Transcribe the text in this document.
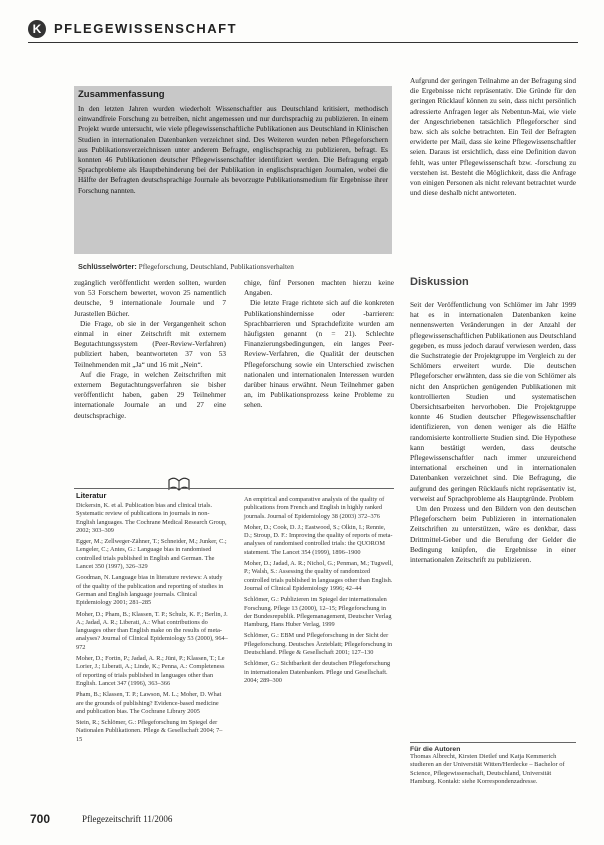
K PFLEGEWISSENSCHAFT
Zusammenfassung
In den letzten Jahren wurden wiederholt Wissenschaftler aus Deutschland kritisiert, methodisch einwandfreie Forschung zu betreiben, nicht angemessen und nur durchsprachig zu publizieren. In einem Projekt wurde untersucht, wie viele pflegewissenschaftliche Publikationen aus Deutschland in Klinischen Studien in internationalen Datenbanken verzeichnet sind. Des Weiteren wurden neben Pflegeforschern aus Publikationsverzeichnissen unter anderem Befragte, englischsprachig zu publizieren, befragt. Es konnten 46 Publikationen deutscher Pflegewissenschaftler identifiziert werden. Die Befragung ergab Sprachprobleme als Hauptbehinderung bei der Publikation in englischsprachigen Journalen, wobei die Hälfte der Befragten deutschsprachige Journale als bevorzugte Publikationsmedium für Ergebnisse ihrer Forschung nannten.
Schlüsselwörter: Pflegeforschung, Deutschland, Publikationsverhalten

zugänglich veröffentlicht werden sollten, wurden von 53 Forschern bewertet, wovon 25 namentlich deutsche, 9 internationale Journale und 7 Jurastellen Bücher.

Die Frage, ob sie in der Vergangenheit schon einmal in einer Zeitschrift mit externem Begutachtungssystem (Peer-Review-Verfahren) publiziert haben, beantworteten 37 von 53 Teilnehmenden mit „Ja“ und 16 mit „Nein“.

Auf die Frage, in welchen Zeitschriften mit externem Begutachtungsverfahren sie bisher veröffentlicht haben, gaben 29 Teilnehmer internationale Journale an und 27 eine deutschsprachige.

chige, fünf Personen machten hierzu keine Angaben.

Die letzte Frage richtete sich auf die konkreten Publikationshindernisse oder -barrieren: Sprachbarrieren und Sprachdefizite wurden am häufigsten genannt (n = 21). Schlechte Finanzierungsbedingungen, ein langes Peer-Review-Verfahren, die Qualität der deutschen Pflegeforschung sowie ein Unterschied zwischen nationalen und internationalen Interessen wurden darüber hinaus erwähnt. Neun Teilnehmer gaben an, im Publikationsprozess keine Probleme zu sehen.

Aufgrund der geringen Teilnahme an der Befragung sind die Ergebnisse nicht repräsentativ. Die Gründe für den geringen Rücklauf können zu sein, dass nicht persönlich adressierte Anfragen leger als Nebentun-Mai, wie viele der Angeschriebenen tatsächlich Pflegeforscher sind bzw. sich als solche betrachten. Ein Teil der Befragten erwiderte per Mail, dass sie keine Pflegewissenschaftler seien. Daraus ist ersichtlich, dass eine Definition davon fehlt, was unter Pflegewissenschaft bzw. -forschung zu verstehen ist. Besteht die Möglichkeit, dass die Anfrage von einigen Personen als nicht relevant betrachtet wurde und diese deshalb nicht antworteten.

Diskussion

Seit der Veröffentlichung von Schlömer im Jahr 1999 hat es in internationalen Datenbanken keine nennenswerten Veränderungen in der Anzahl der pflegewissenschaftlichen Publikationen aus Deutschland gegeben, es muss jedoch darauf verwiesen werden, dass die Suchstrategie der Projektgruppe im Vergleich zu der Schlömers erweitert wurde. Die deutschen Pflegeforscher erwähnten, dass sie die von Schlömer als nicht den Ansprüchen genügenden Publikationen mit kontrollierten Studien und systematischen Übersichtsarbeiten hervorhoben. Die Projektgruppe konnte 46 Studien deutscher Pflegewissenschaftler identifizieren, von denen weniger als die Hälfte randomisierte kontrollierte Studien sind. Die Hypothese kann bestätigt werden, dass deutsche Pflegewissenschaftler nach immer unzureichend international erscheinen und in internationalen Datenbanken verzeichnet sind. Die Befragung, die aufgrund des geringen Rücklaufs nicht repräsentativ ist, verweist auf Sprachprobleme als Hauptgründe. Problem

Um den Prozess und den Bildern von den deutschen Pflegeforschern beim Publizieren in internationalen Zeitschriften zu unterstützen, wäre es denkbar, dass Drittmittel-Geber und die Berufung der Gelder die Bedingung knüpfen, die Ergebnisse in einer internationalen Zeitschrift zu publizieren.

Literatur
Dickersin, K. et al. Publication bias and clinical trials. Systematic review of publications in journals in non-English languages. The Cochrane Medical Research Group, 2002; 303–309
Egger, M.; Zellweger-Zähner, T.; Schneider, M.; Junker, C.; Lengeler, C.; Antes, G.: Language bias in randomised controlled trials published in English and German. The Lancet 350 (1997), 326–329
Goodman, N. Language bias in literature reviews: A study of the quality of the publication and reporting of studies in German and English language journals. Clinical Epidemiology 2001; 281–285
Moher, D.; Pham, B.; Klassen, T. P.; Schulz, K. F.; Berlin, J. A.; Jadad, A. R.; Liberati, A.: What contributions do languages other than English make on the results of meta-analyses? Journal of Clinical Epidemiology 53 (2000), 964–972
Moher, D.; Fortin, P.; Jadad, A. R.; Jüni, P.; Klassen, T.; Le Lorier, J.; Liberati, A.; Linde, K.; Penna, A.: Completeness of reporting of trials published in languages other than English. Lancet 347 (1996), 363–366
Pham, B.; Klassen, T. P.; Lawson, M. L.; Moher, D. What are the grounds of publishing? Evidence-based medicine and publication bias. The Cochrane Library 2005
Stein, R.; Schlömer, G.: Pflegeforschung im Spiegel der Nationalen Publikationen. Pflege & Gesellschaft 2004; 7–15
An empirical and comparative analysis of the quality of publications from French and English in highly ranked journals. Journal of Epidemiology 38 (2003) 372–376
Moher, D.; Cook, D. J.; Eastwood, S.; Olkin, I.; Rennie, D.; Stroup, D. F.: Improving the quality of reports of meta-analyses of randomised controlled trials: the QUOROM statement. The Lancet 354 (1999), 1896–1900
Moher, D.; Jadad, A. R.; Nichol, G.; Penman, M.; Tugwell, P.; Walsh, S.: Assessing the quality of randomized controlled trials published in languages other than English. Journal of Clinical Epidemiology 1996; 42–44
Schlömer, G.: Publizieren im Spiegel der internationalen Forschung. Pflege 13 (2000), 12–15; Pflegeforschung in der Bundesrepublik. Pflegemanagement, Deutscher Verlag Hamburg, Hans Huber Verlag, 1999
Schlömer, G.: EBM und Pflegeforschung in der Sicht der Pflegeforschung. Deutsches Ärzteblatt; Pflegeforschung in Deutschland. Pflege & Gesellschaft 2001; 127–130
Schlömer, G.: Sichtbarkeit der deutschen Pflegeforschung in internationalen Datenbanken. Pflege und Gesellschaft. 2004; 289–300
Für die Autoren
Thomas Albrecht, Kirsten Dietlef und Katja Kemmerich studieren an der Universität Witten/Herdecke – Bachelor of Science, Pflegewissenschaft, Deutschland, Universität Hamburg. Kontakt: siehe Korrespondenzadresse.
700	Pflegezeitschrift 11/2006
